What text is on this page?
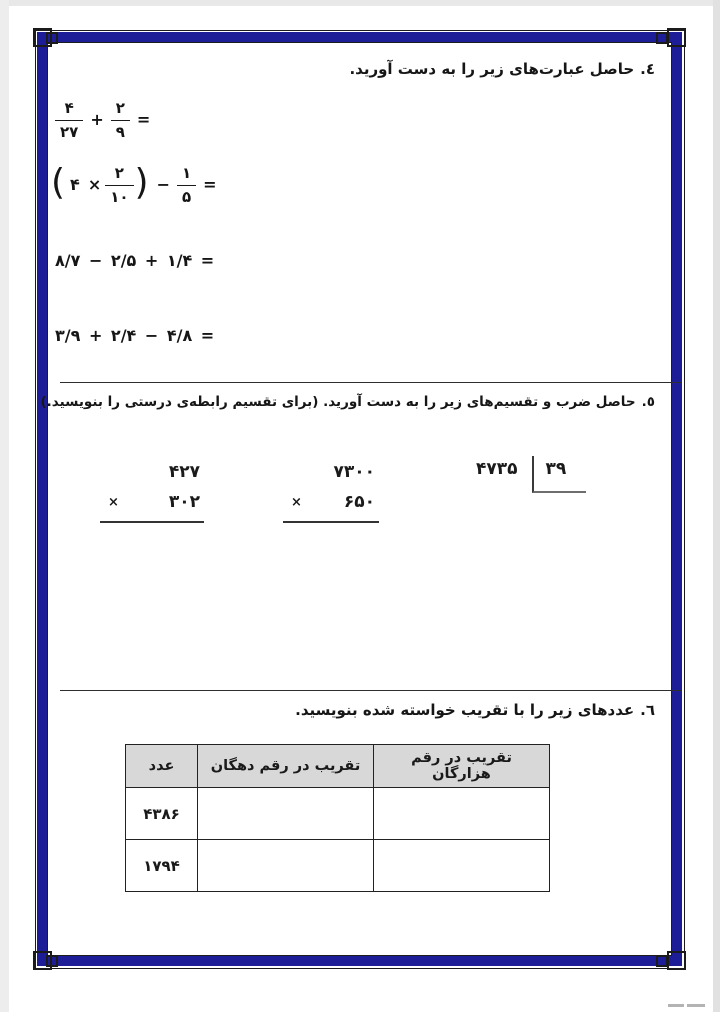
٤.حاصل عبارت‌های زیر را به دست آورید.
$\frac{۴}{۲۷} + \frac{۲}{۹}$ =
( ۴ × $\frac{۲}{۱۰}$ ) − $\frac{۱}{۵}$ =
۸/۷ − ۲/۵ + ۱/۴ =
۳/۹ + ۲/۴ − ۴/۸ =
٥.حاصل ضرب و تقسیم‌های زیر را به دست آورید. (برای تقسیم رابطه‌ی درستی را بنویسید.)
۴۷۳۵	۳۹
۷۳۰۰
× ۶۵۰
۴۲۷
×	۳۰۲
٦.عددهای زیر را با تقریب خواسته شده بنویسید.
عدد	تقریب در رقم دهگان	تقریب در رقم هزارگان
۴۳۸۶		
۱۷۹۴		
